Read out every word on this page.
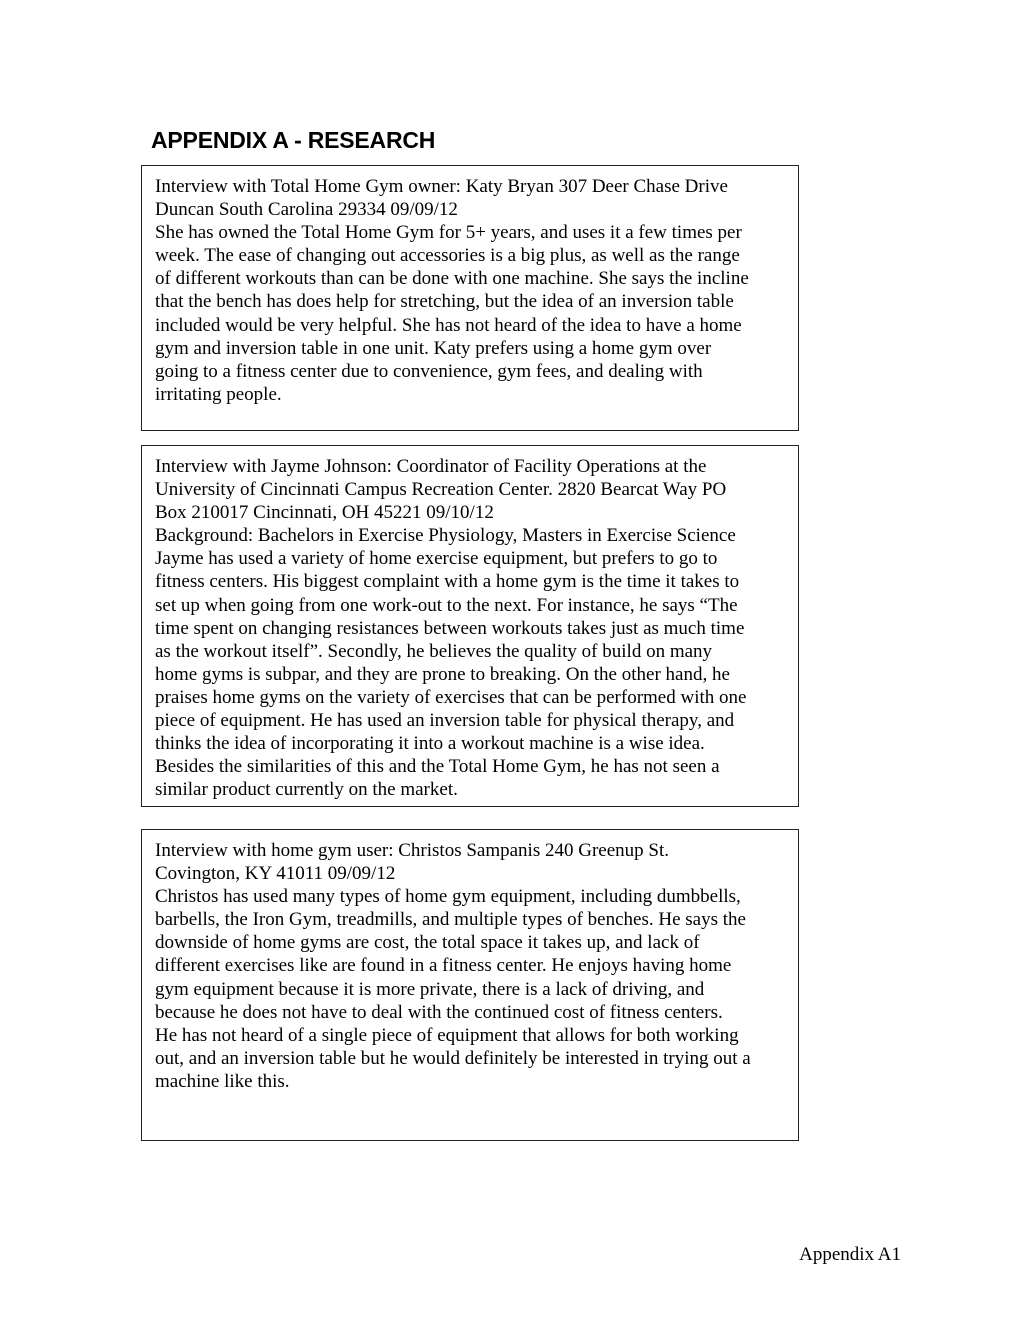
APPENDIX A - RESEARCH

Interview with Total Home Gym owner: Katy Bryan 307 Deer Chase Drive
Duncan South Carolina 29334 09/09/12

She has owned the Total Home Gym for 5+ years, and uses it a few times per
week. The ease of changing out accessories is a big plus, as well as the range
of different workouts than can be done with one machine. She says the incline
that the bench has does help for stretching, but the idea of an inversion table
included would be very helpful. She has not heard of the idea to have a home
gym and inversion table in one unit. Katy prefers using a home gym over
going to a fitness center due to convenience, gym fees, and dealing with
irritating people.

Interview with Jayme Johnson: Coordinator of Facility Operations at the
University of Cincinnati Campus Recreation Center. 2820 Bearcat Way PO
Box 210017 Cincinnati, OH 45221 09/10/12

Background: Bachelors in Exercise Physiology, Masters in Exercise Science

Jayme has used a variety of home exercise equipment, but prefers to go to
fitness centers. His biggest complaint with a home gym is the time it takes to
set up when going from one work-out to the next. For instance, he says “The
time spent on changing resistances between workouts takes just as much time
as the workout itself”. Secondly, he believes the quality of build on many
home gyms is subpar, and they are prone to breaking. On the other hand, he
praises home gyms on the variety of exercises that can be performed with one
piece of equipment. He has used an inversion table for physical therapy, and
thinks the idea of incorporating it into a workout machine is a wise idea.
Besides the similarities of this and the Total Home Gym, he has not seen a
similar product currently on the market.

Interview with home gym user: Christos Sampanis 240 Greenup St.
Covington, KY 41011 09/09/12

Christos has used many types of home gym equipment, including dumbbells,
barbells, the Iron Gym, treadmills, and multiple types of benches. He says the
downside of home gyms are cost, the total space it takes up, and lack of
different exercises like are found in a fitness center. He enjoys having home
gym equipment because it is more private, there is a lack of driving, and
because he does not have to deal with the continued cost of fitness centers.
He has not heard of a single piece of equipment that allows for both working
out, and an inversion table but he would definitely be interested in trying out a
machine like this.

Appendix A1
